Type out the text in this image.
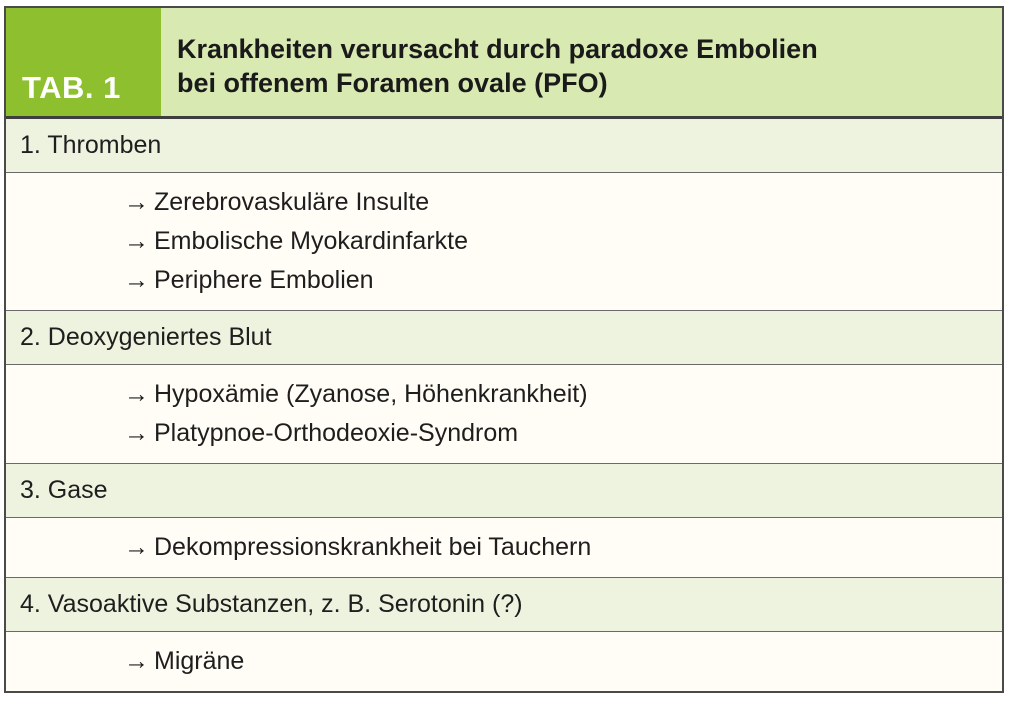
TAB. 1
Krankheiten verursacht durch paradoxe Embolien
bei offenem Foramen ovale (PFO)
1. Thromben
→ Zerebrovaskuläre Insulte
→ Embolische Myokardinfarkte
→ Periphere Embolien
2. Deoxygeniertes Blut
→ Hypoxämie (Zyanose, Höhenkrankheit)
→ Platypnoe-Orthodeoxie-Syndrom
3. Gase
→ Dekompressionskrankheit bei Tauchern
4. Vasoaktive Substanzen, z. B. Serotonin (?)
→ Migräne
